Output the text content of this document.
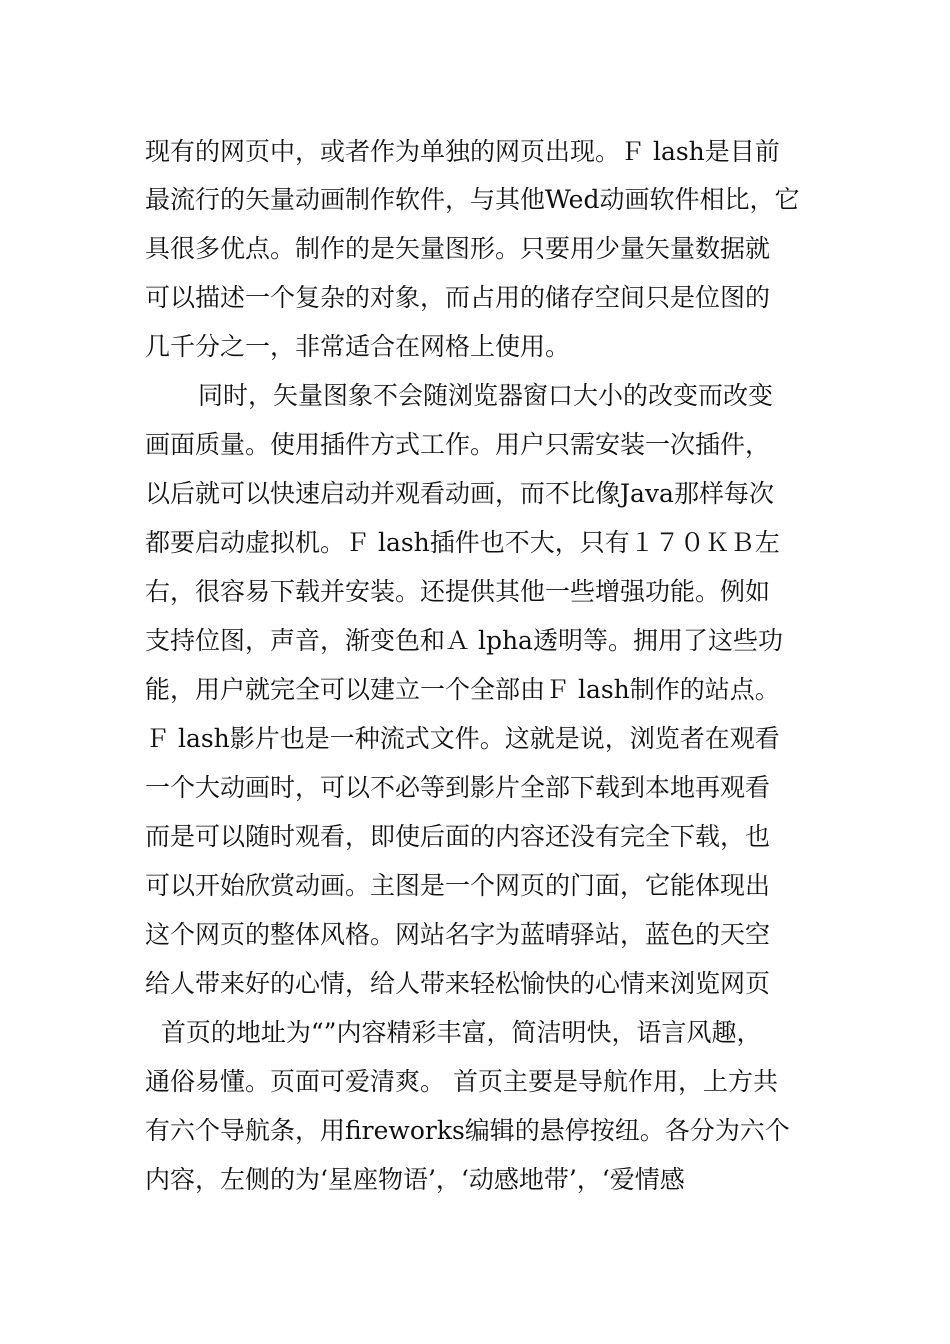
现有的网页中，或者作为单独的网页出现。Ｆ lash是目前
最流行的矢量动画制作软件，与其他Wed动画软件相比，它
具很多优点。制作的是矢量图形。只要用少量矢量数据就
可以描述一个复杂的对象，而占用的储存空间只是位图的
几千分之一，非常适合在网格上使用。
同时，矢量图象不会随浏览器窗口大小的改变而改变
画面质量。使用插件方式工作。用户只需安装一次插件，
以后就可以快速启动并观看动画，而不比像Java那样每次
都要启动虚拟机。Ｆ lash插件也不大，只有１７０ＫＢ左
右，很容易下载并安装。还提供其他一些增强功能。例如
支持位图，声音，渐变色和Ａ lpha透明等。拥用了这些功
能，用户就完全可以建立一个全部由Ｆ lash制作的站点。
Ｆ lash影片也是一种流式文件。这就是说，浏览者在观看
一个大动画时，可以不必等到影片全部下载到本地再观看
而是可以随时观看，即使后面的内容还没有完全下载，也
可以开始欣赏动画。主图是一个网页的门面，它能体现出
这个网页的整体风格。网站名字为蓝晴驿站，蓝色的天空
给人带来好的心情，给人带来轻松愉快的心情来浏览网页
首页的地址为“”内容精彩丰富，简洁明快，语言风趣，
通俗易懂。页面可爱清爽。 首页主要是导航作用，上方共
有六个导航条，用fireworks编辑的悬停按纽。各分为六个
内容，左侧的为‘星座物语’，‘动感地带’，‘爱情感
